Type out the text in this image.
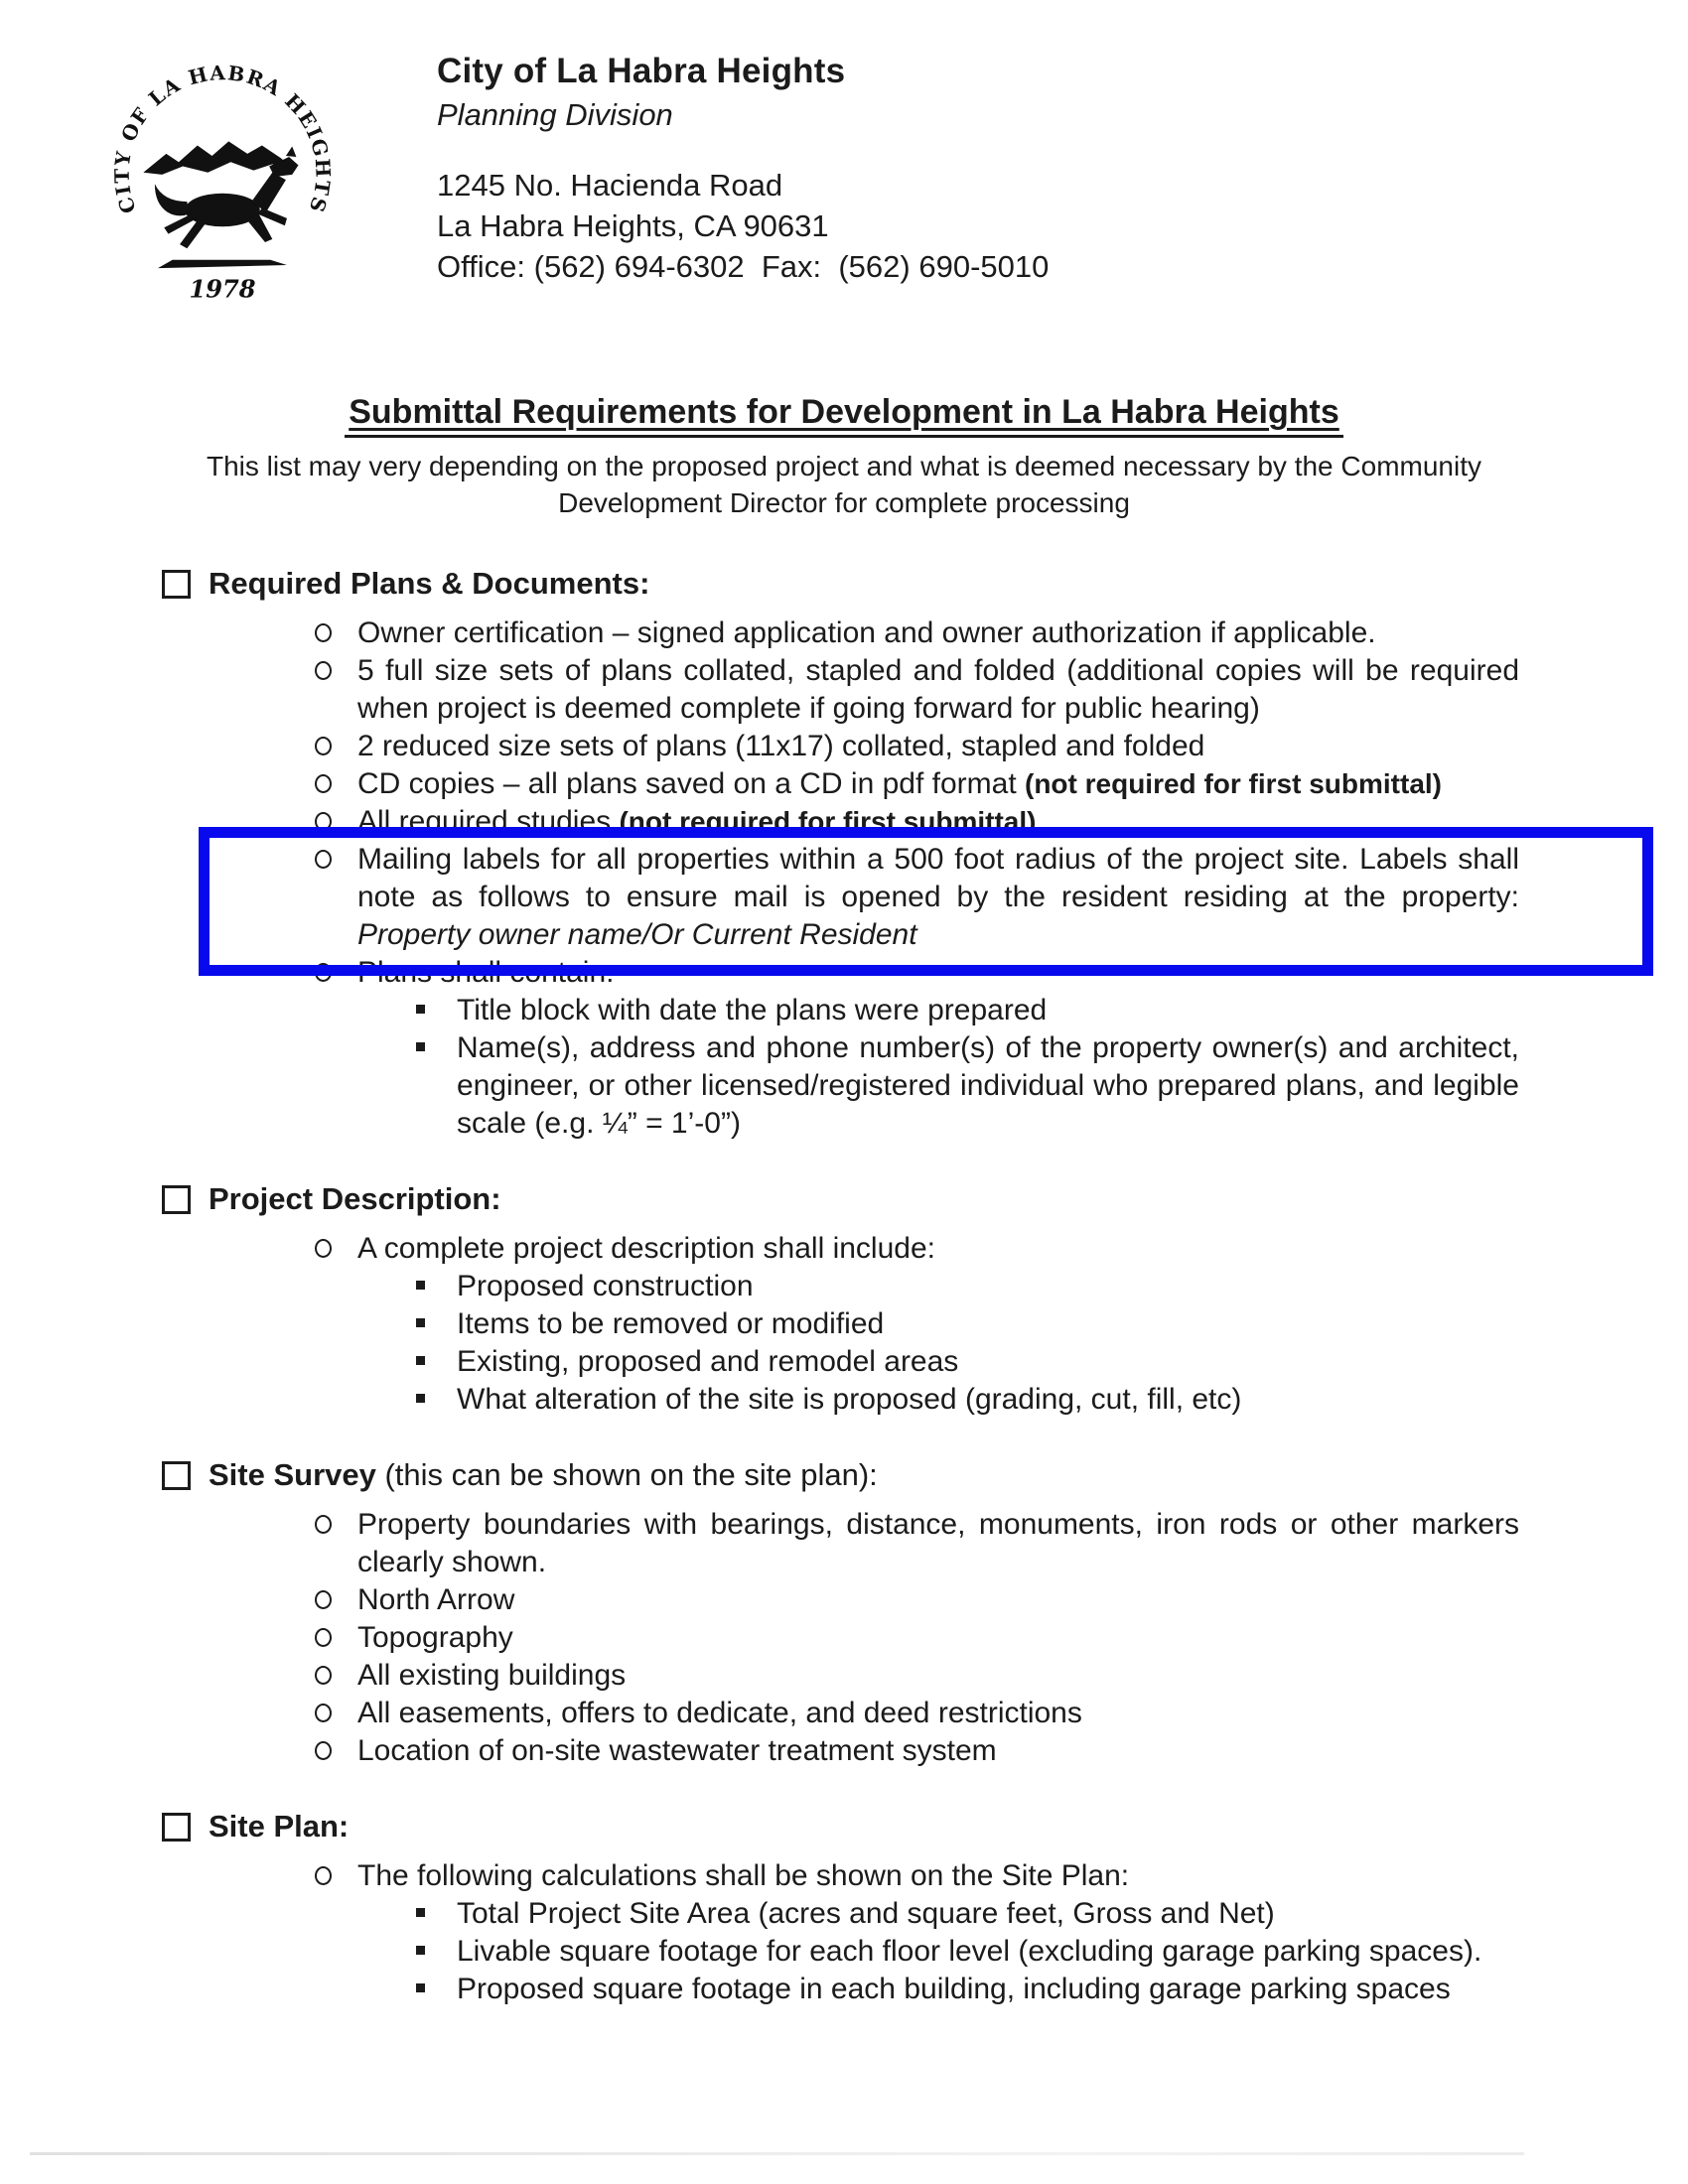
CITY OF LA HABRA HEIGHTS
1978
City of La Habra Heights
Planning Division
1245 No. Hacienda Road
La Habra Heights, CA 90631
Office: (562) 694-6302  Fax:  (562) 690-5010
Submittal Requirements for Development in La Habra Heights
This list may very depending on the proposed project and what is deemed necessary by the Community
Development Director for complete processing
Required Plans & Documents:
Owner certification – signed application and owner authorization if applicable.
5 full size sets of plans collated, stapled and folded (additional copies will be required when project is deemed complete if going forward for public hearing)
2 reduced size sets of plans (11x17) collated, stapled and folded
CD copies – all plans saved on a CD in pdf format (not required for first submittal)
All required studies (not required for first submittal)
Mailing labels for all properties within a 500 foot radius of the project site. Labels shall note as follows to ensure mail is opened by the resident residing at the property: Property owner name/Or Current Resident
Plans shall contain:
Title block with date the plans were prepared
Name(s), address and phone number(s) of the property owner(s) and architect, engineer, or other licensed/registered individual who prepared plans, and legible scale (e.g. ¼” = 1’-0”)
Project Description:
A complete project description shall include:
Proposed construction
Items to be removed or modified
Existing, proposed and remodel areas
What alteration of the site is proposed (grading, cut, fill, etc)
Site Survey (this can be shown on the site plan):
Property boundaries with bearings, distance, monuments, iron rods or other markers clearly shown.
North Arrow
Topography
All existing buildings
All easements, offers to dedicate, and deed restrictions
Location of on-site wastewater treatment system
Site Plan:
The following calculations shall be shown on the Site Plan:
Total Project Site Area (acres and square feet, Gross and Net)
Livable square footage for each floor level (excluding garage parking spaces).
Proposed square footage in each building, including garage parking spaces
